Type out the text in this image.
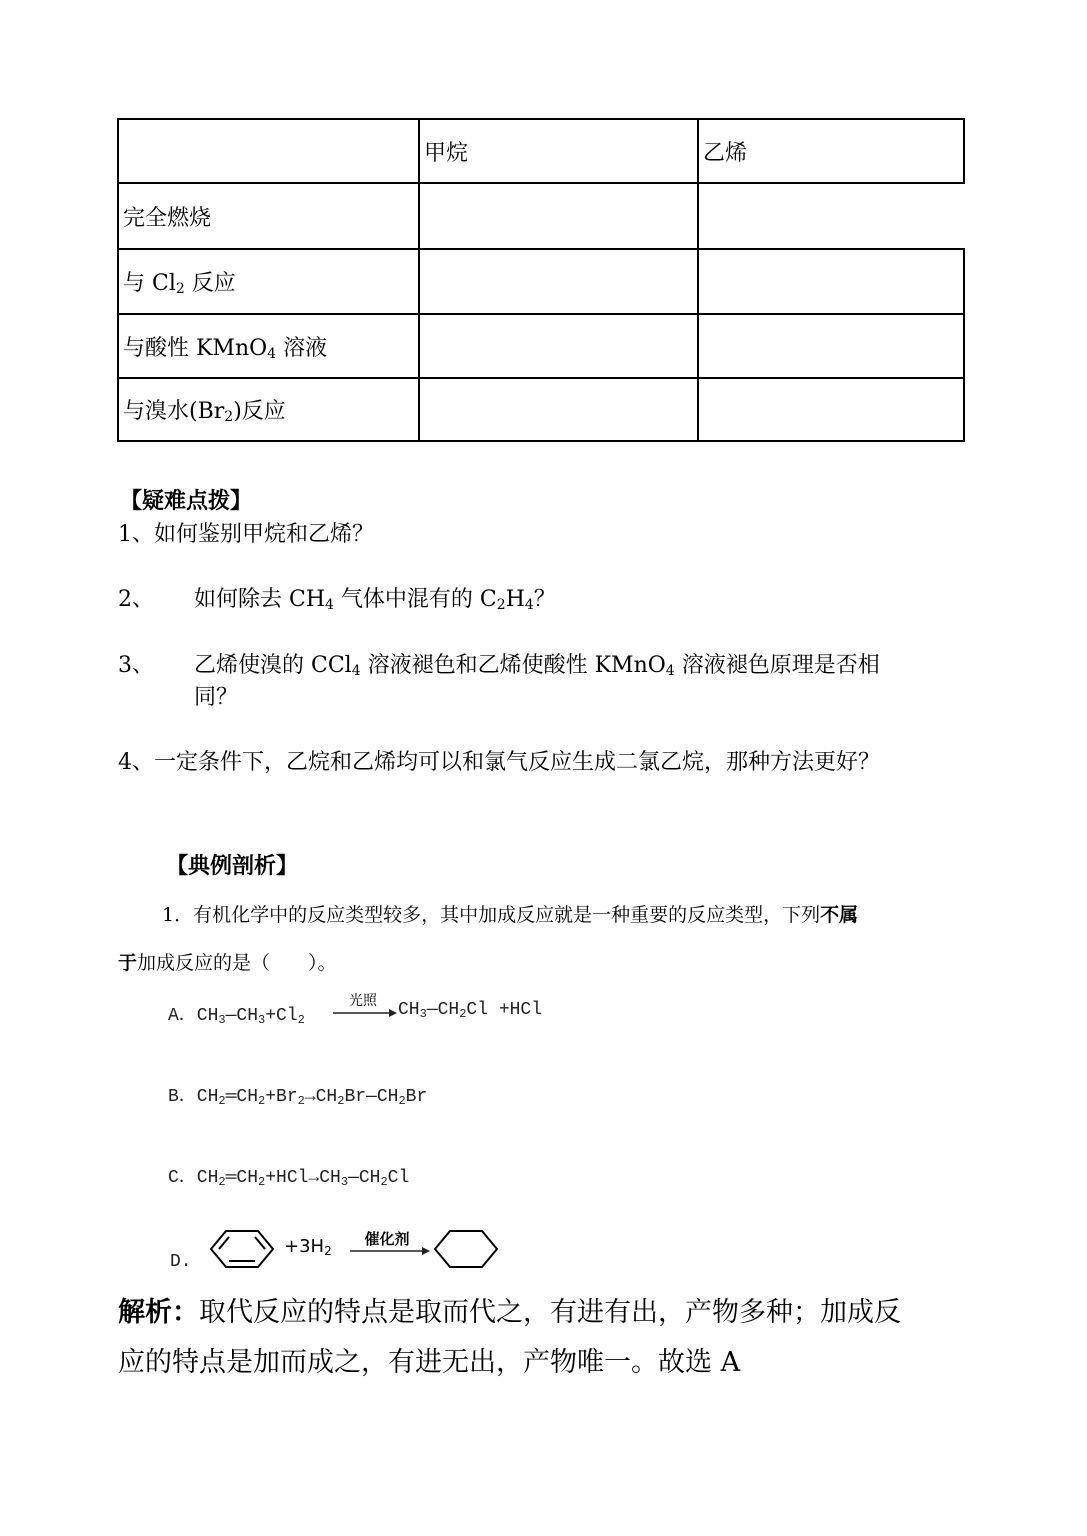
	甲烷	乙烯
完全燃烧		
与 $Cl_2$ 反应		
与酸性 KMnO$_4$ 溶液		
与溴水$(Br_2)$反应		
【疑难点拨】
1、如何鉴别甲烷和乙烯？
2、 如何除去 $CH_4$ 气体中混有的 $C_2H_4$？
3、 乙烯使溴的 CCl$_4$ 溶液褪色和乙烯使酸性 KMnO$_4$ 溶液褪色原理是否相
同？
4、一定条件下，乙烷和乙烯均可以和氯气反应生成二氯乙烷，那种方法更好？
【典例剖析】
1．有机化学中的反应类型较多，其中加成反应就是一种重要的反应类型，下列不属
于加成反应的是（　　）。
A．$CH_3—CH_3+Cl_2$
光照	$CH_3—CH_2Cl +HCl$
B．$CH_2═CH_2+Br_2\to CH_2Br—CH_2Br$
C．$CH_2═CH_2+HCl\to CH_3—CH_2Cl$
D.
$+3H_2$
催化剂
解析：取代反应的特点是取而代之，有进有出，产物多种；加成反
应的特点是加而成之，有进无出，产物唯一。故选 A
